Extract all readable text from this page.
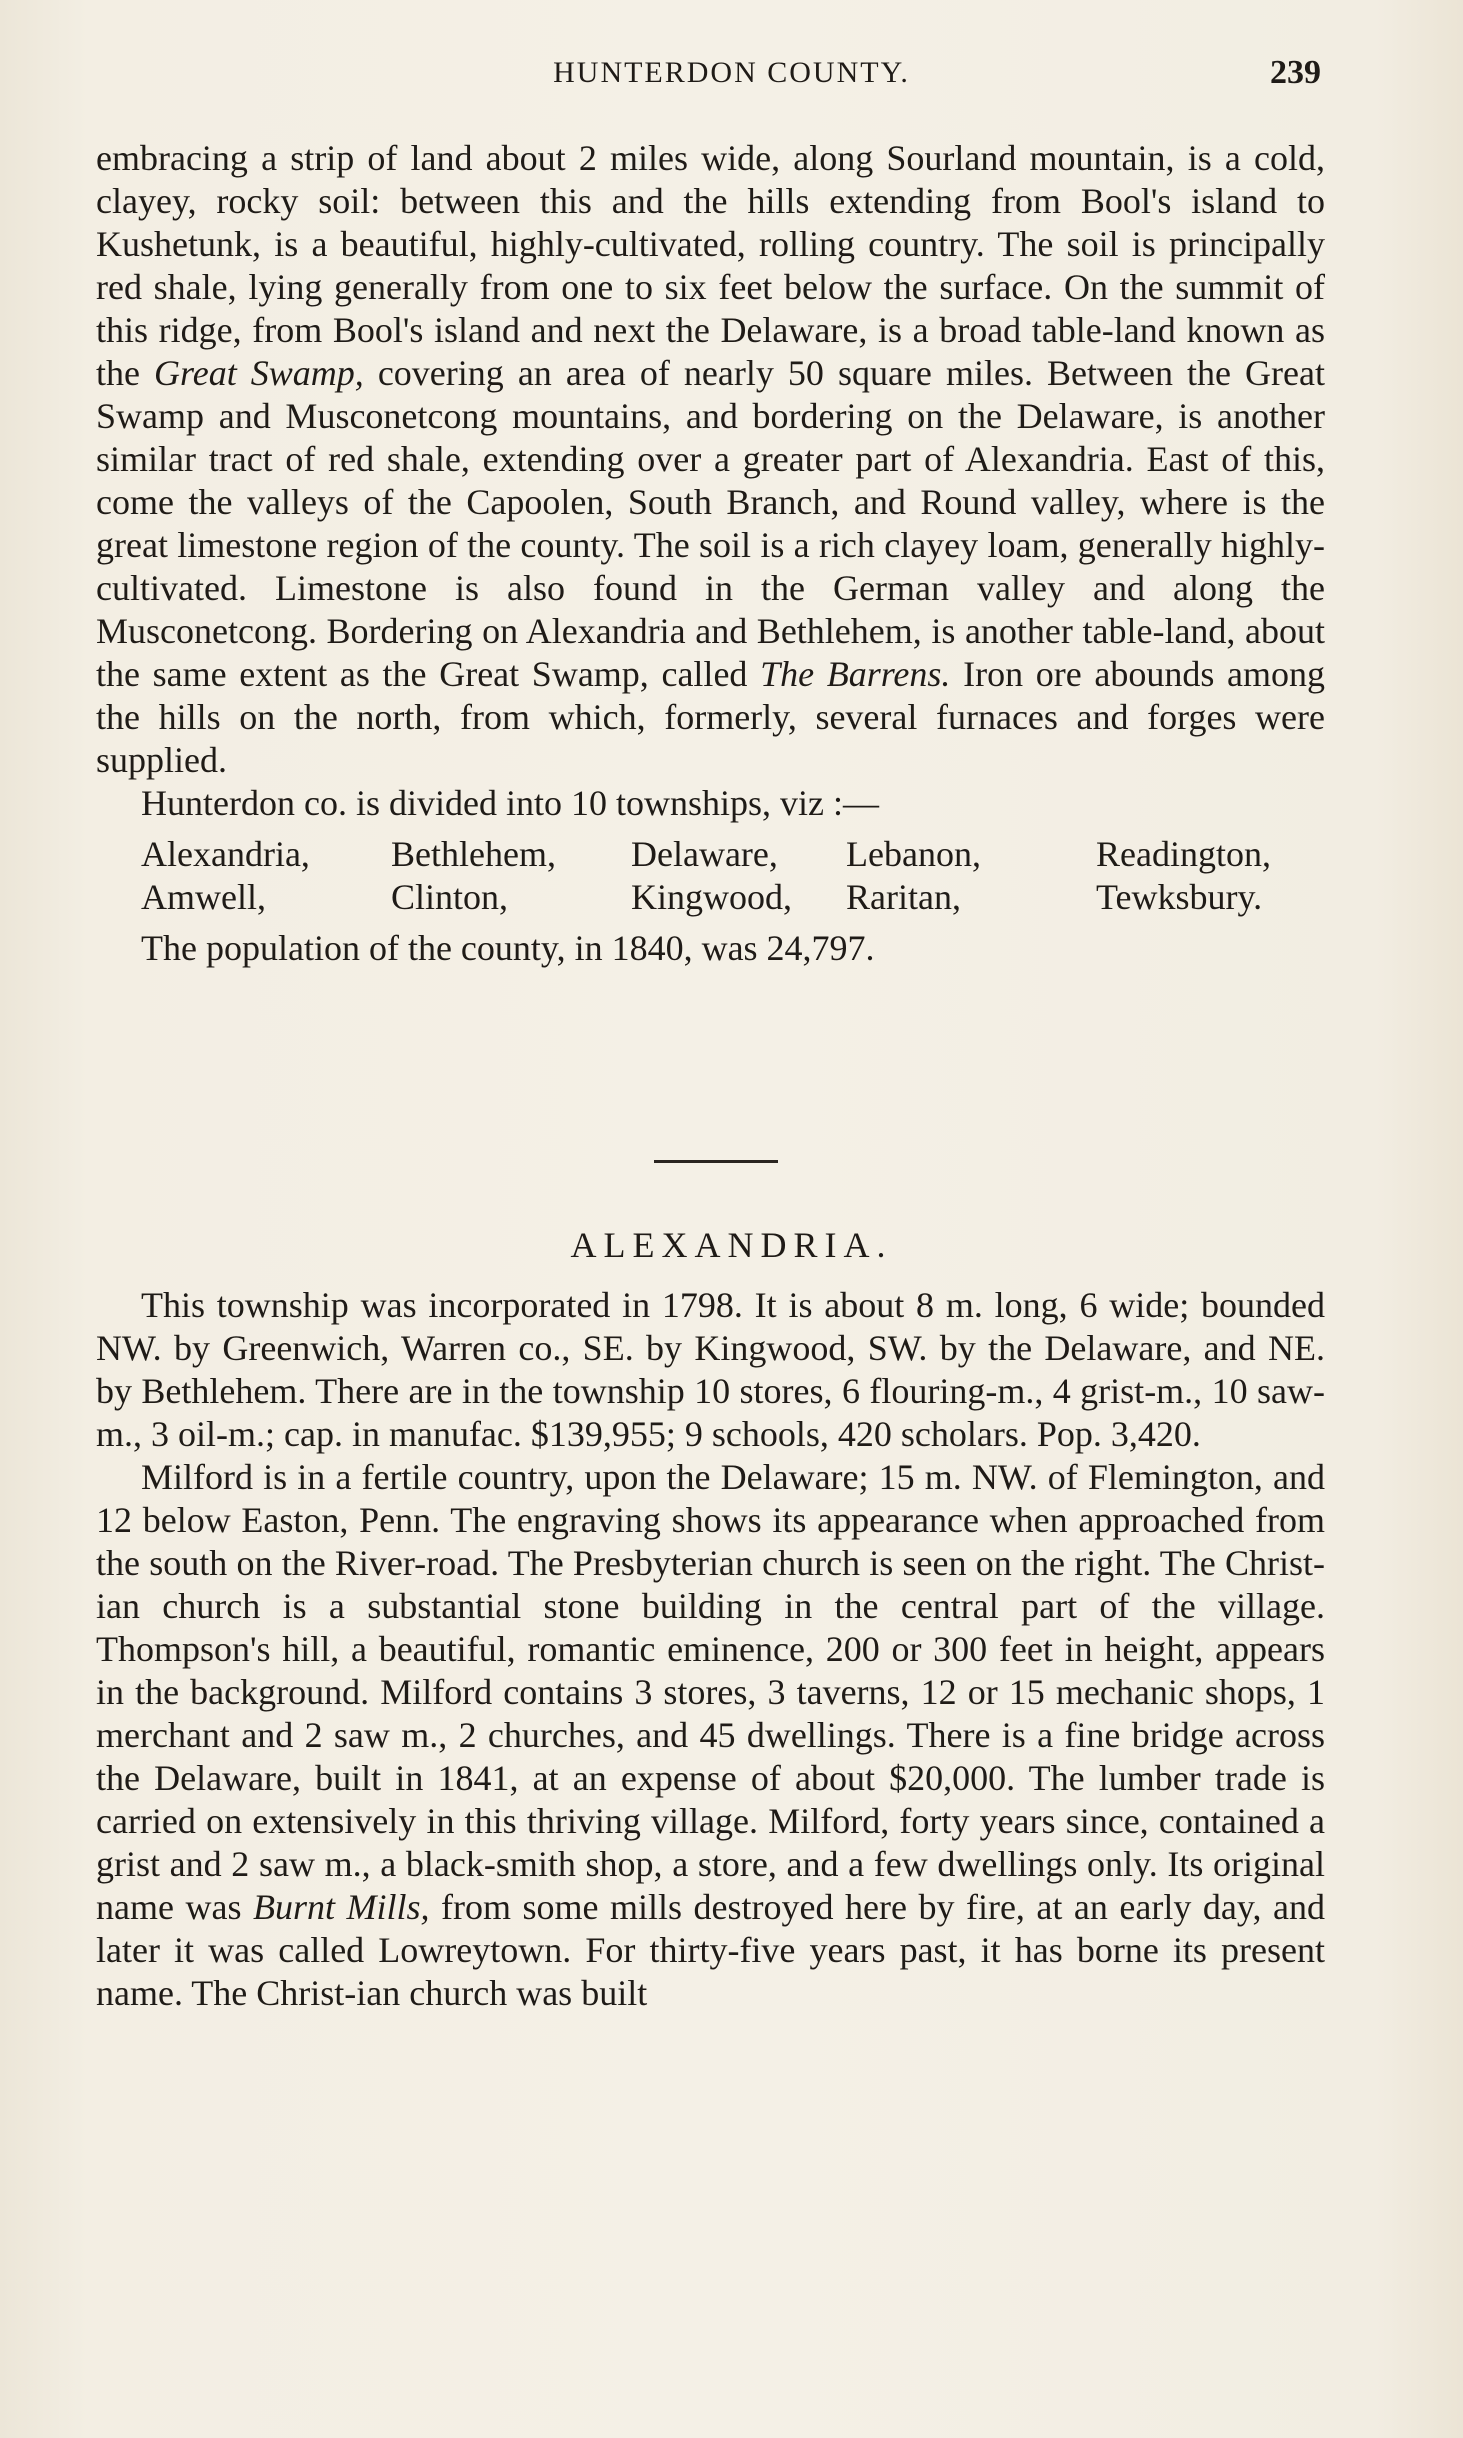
HUNTERDON COUNTY.	239

embracing a strip of land about 2 miles wide, along Sourland mountain, is a cold, clayey, rocky soil: between this and the hills extending from Bool's island to Kushetunk, is a beautiful, highly-cultivated, rolling country. The soil is principally red shale, lying generally from one to six feet below the surface. On the summit of this ridge, from Bool's island and next the Delaware, is a broad table-land known as the Great Swamp, covering an area of nearly 50 square miles. Between the Great Swamp and Musconetcong mountains, and bordering on the Delaware, is another similar tract of red shale, extending over a greater part of Alexandria. East of this, come the valleys of the Capoolen, South Branch, and Round valley, where is the great limestone region of the county. The soil is a rich clayey loam, generally highly-cultivated. Limestone is also found in the German valley and along the Musconetcong. Bordering on Alexandria and Bethlehem, is another table-land, about the same extent as the Great Swamp, called The Barrens. Iron ore abounds among the hills on the north, from which, formerly, several furnaces and forges were supplied.

Hunterdon co. is divided into 10 townships, viz :—

Alexandria,	Bethlehem,	Delaware,	Lebanon,	Readington,
Amwell,	Clinton,	Kingwood,	Raritan,	Tewksbury.

The population of the county, in 1840, was 24,797.

ALEXANDRIA.

This township was incorporated in 1798. It is about 8 m. long, 6 wide; bounded NW. by Greenwich, Warren co., SE. by Kingwood, SW. by the Delaware, and NE. by Bethlehem. There are in the township 10 stores, 6 flouring-m., 4 grist-m., 10 saw-m., 3 oil-m.; cap. in manufac. $139,955; 9 schools, 420 scholars. Pop. 3,420.

Milford is in a fertile country, upon the Delaware; 15 m. NW. of Flemington, and 12 below Easton, Penn. The engraving shows its appearance when approached from the south on the River-road. The Presbyterian church is seen on the right. The Christ-ian church is a substantial stone building in the central part of the village. Thompson's hill, a beautiful, romantic eminence, 200 or 300 feet in height, appears in the background. Milford contains 3 stores, 3 taverns, 12 or 15 mechanic shops, 1 merchant and 2 saw m., 2 churches, and 45 dwellings. There is a fine bridge across the Delaware, built in 1841, at an expense of about $20,000. The lumber trade is carried on extensively in this thriving village. Milford, forty years since, contained a grist and 2 saw m., a black-smith shop, a store, and a few dwellings only. Its original name was Burnt Mills, from some mills destroyed here by fire, at an early day, and later it was called Lowreytown. For thirty-five years past, it has borne its present name. The Christ-ian church was built
